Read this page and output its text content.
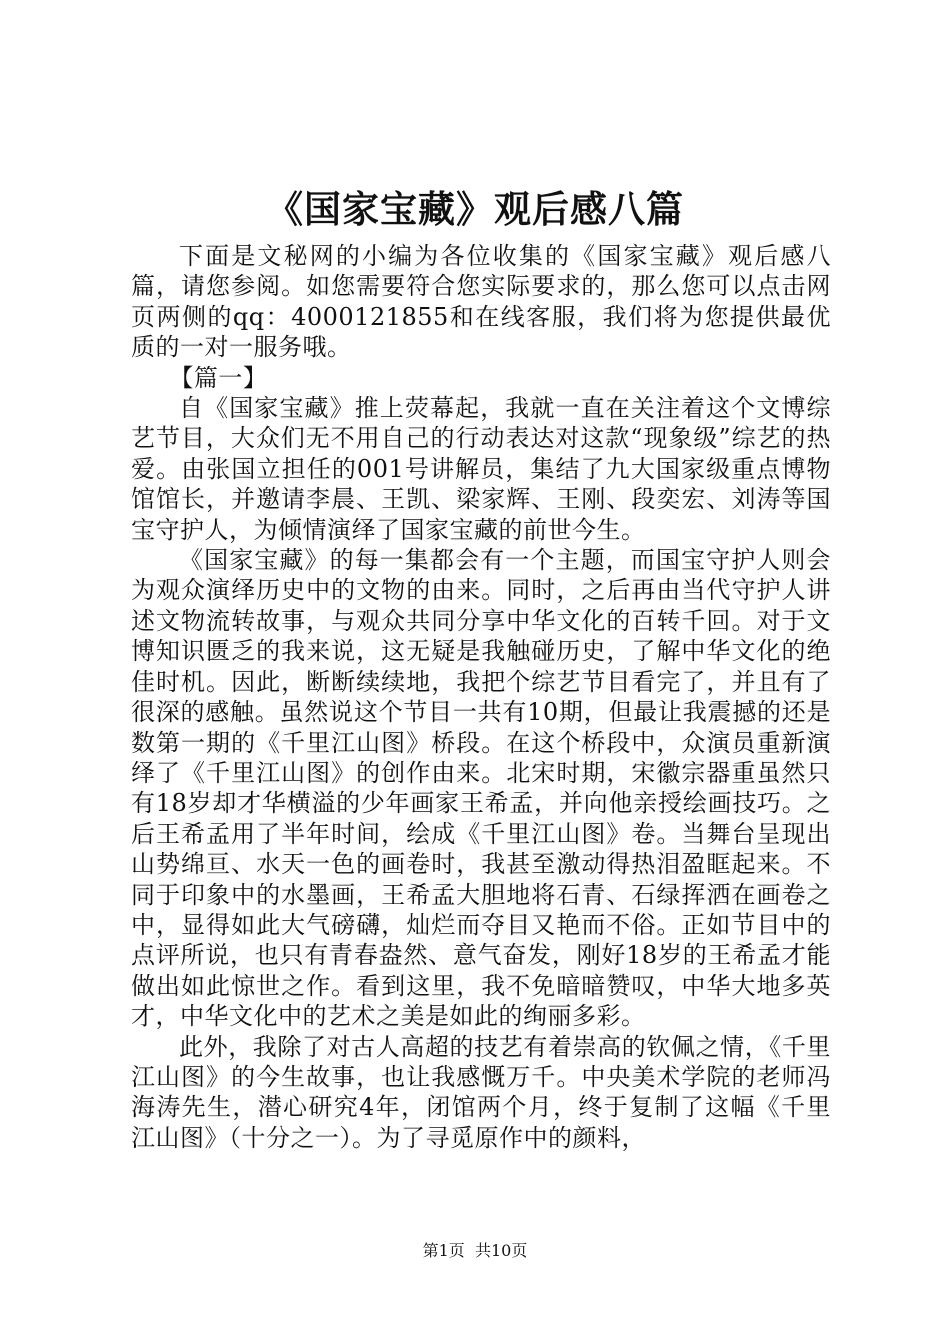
《国家宝藏》观后感八篇

下面是文秘网的小编为各位收集的《国家宝藏》观后感八篇，请您参阅。如您需要符合您实际要求的，那么您可以点击网页两侧的qq：4000121855和在线客服，我们将为您提供最优质的一对一服务哦。

【篇一】

自《国家宝藏》推上荧幕起，我就一直在关注着这个文博综艺节目，大众们无不用自己的行动表达对这款“现象级”综艺的热爱。由张国立担任的001号讲解员，集结了九大国家级重点博物馆馆长，并邀请李晨、王凯、梁家辉、王刚、段奕宏、刘涛等国宝守护人，为倾情演绎了国家宝藏的前世今生。

《国家宝藏》的每一集都会有一个主题，而国宝守护人则会为观众演绎历史中的文物的由来。同时，之后再由当代守护人讲述文物流转故事，与观众共同分享中华文化的百转千回。对于文博知识匮乏的我来说，这无疑是我触碰历史，了解中华文化的绝佳时机。因此，断断续续地，我把个综艺节目看完了，并且有了很深的感触。虽然说这个节目一共有10期，但最让我震撼的还是数第一期的《千里江山图》桥段。在这个桥段中，众演员重新演绎了《千里江山图》的创作由来。北宋时期，宋徽宗器重虽然只有18岁却才华横溢的少年画家王希孟，并向他亲授绘画技巧。之后王希孟用了半年时间，绘成《千里江山图》卷。当舞台呈现出山势绵亘、水天一色的画卷时，我甚至激动得热泪盈眶起来。不同于印象中的水墨画，王希孟大胆地将石青、石绿挥洒在画卷之中，显得如此大气磅礴，灿烂而夺目又艳而不俗。正如节目中的点评所说，也只有青春盎然、意气奋发，刚好18岁的王希孟才能做出如此惊世之作。看到这里，我不免暗暗赞叹，中华大地多英才，中华文化中的艺术之美是如此的绚丽多彩。

此外，我除了对古人高超的技艺有着崇高的钦佩之情，《千里江山图》的今生故事，也让我感慨万千。中央美术学院的老师冯海涛先生，潜心研究4年，闭馆两个月，终于复制了这幅《千里江山图》（十分之一）。为了寻觅原作中的颜料，

第1页 共10页
